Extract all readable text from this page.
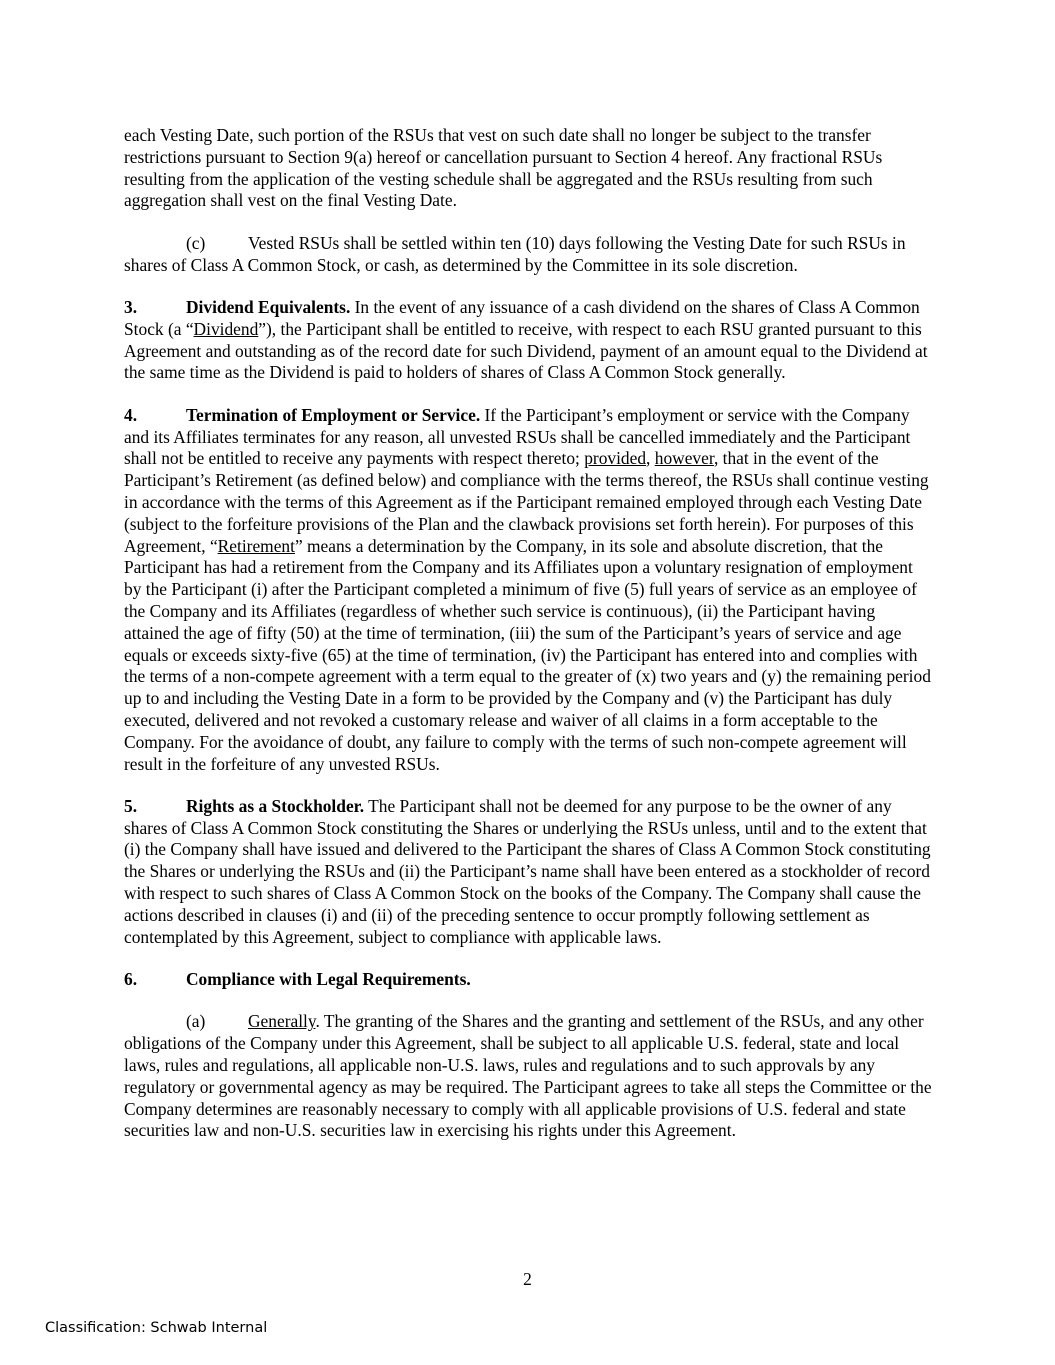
each Vesting Date, such portion of the RSUs that vest on such date shall no longer be subject to the transfer restrictions pursuant to Section 9(a) hereof or cancellation pursuant to Section 4 hereof. Any fractional RSUs resulting from the application of the vesting schedule shall be aggregated and the RSUs resulting from such aggregation shall vest on the final Vesting Date.

(c) Vested RSUs shall be settled within ten (10) days following the Vesting Date for such RSUs in shares of Class A Common Stock, or cash, as determined by the Committee in its sole discretion.

3.	Dividend Equivalents. In the event of any issuance of a cash dividend on the shares of Class A Common Stock (a “Dividend”), the Participant shall be entitled to receive, with respect to each RSU granted pursuant to this Agreement and outstanding as of the record date for such Dividend, payment of an amount equal to the Dividend at the same time as the Dividend is paid to holders of shares of Class A Common Stock generally.

4.	Termination of Employment or Service. If the Participant’s employment or service with the Company and its Affiliates terminates for any reason, all unvested RSUs shall be cancelled immediately and the Participant shall not be entitled to receive any payments with respect thereto; provided, however, that in the event of the Participant’s Retirement (as defined below) and compliance with the terms thereof, the RSUs shall continue vesting in accordance with the terms of this Agreement as if the Participant remained employed through each Vesting Date (subject to the forfeiture provisions of the Plan and the clawback provisions set forth herein). For purposes of this Agreement, “Retirement” means a determination by the Company, in its sole and absolute discretion, that the Participant has had a retirement from the Company and its Affiliates upon a voluntary resignation of employment by the Participant (i) after the Participant completed a minimum of five (5) full years of service as an employee of the Company and its Affiliates (regardless of whether such service is continuous), (ii) the Participant having attained the age of fifty (50) at the time of termination, (iii) the sum of the Participant’s years of service and age equals or exceeds sixty-five (65) at the time of termination, (iv) the Participant has entered into and complies with the terms of a non-compete agreement with a term equal to the greater of (x) two years and (y) the remaining period up to and including the Vesting Date in a form to be provided by the Company and (v) the Participant has duly executed, delivered and not revoked a customary release and waiver of all claims in a form acceptable to the Company. For the avoidance of doubt, any failure to comply with the terms of such non-compete agreement will result in the forfeiture of any unvested RSUs.

5.	Rights as a Stockholder. The Participant shall not be deemed for any purpose to be the owner of any shares of Class A Common Stock constituting the Shares or underlying the RSUs unless, until and to the extent that (i) the Company shall have issued and delivered to the Participant the shares of Class A Common Stock constituting the Shares or underlying the RSUs and (ii) the Participant’s name shall have been entered as a stockholder of record with respect to such shares of Class A Common Stock on the books of the Company. The Company shall cause the actions described in clauses (i) and (ii) of the preceding sentence to occur promptly following settlement as contemplated by this Agreement, subject to compliance with applicable laws.

6.	Compliance with Legal Requirements.

(a) Generally. The granting of the Shares and the granting and settlement of the RSUs, and any other obligations of the Company under this Agreement, shall be subject to all applicable U.S. federal, state and local laws, rules and regulations, all applicable non-U.S. laws, rules and regulations and to such approvals by any regulatory or governmental agency as may be required. The Participant agrees to take all steps the Committee or the Company determines are reasonably necessary to comply with all applicable provisions of U.S. federal and state securities law and non-U.S. securities law in exercising his rights under this Agreement.

2
Classification: Schwab Internal
